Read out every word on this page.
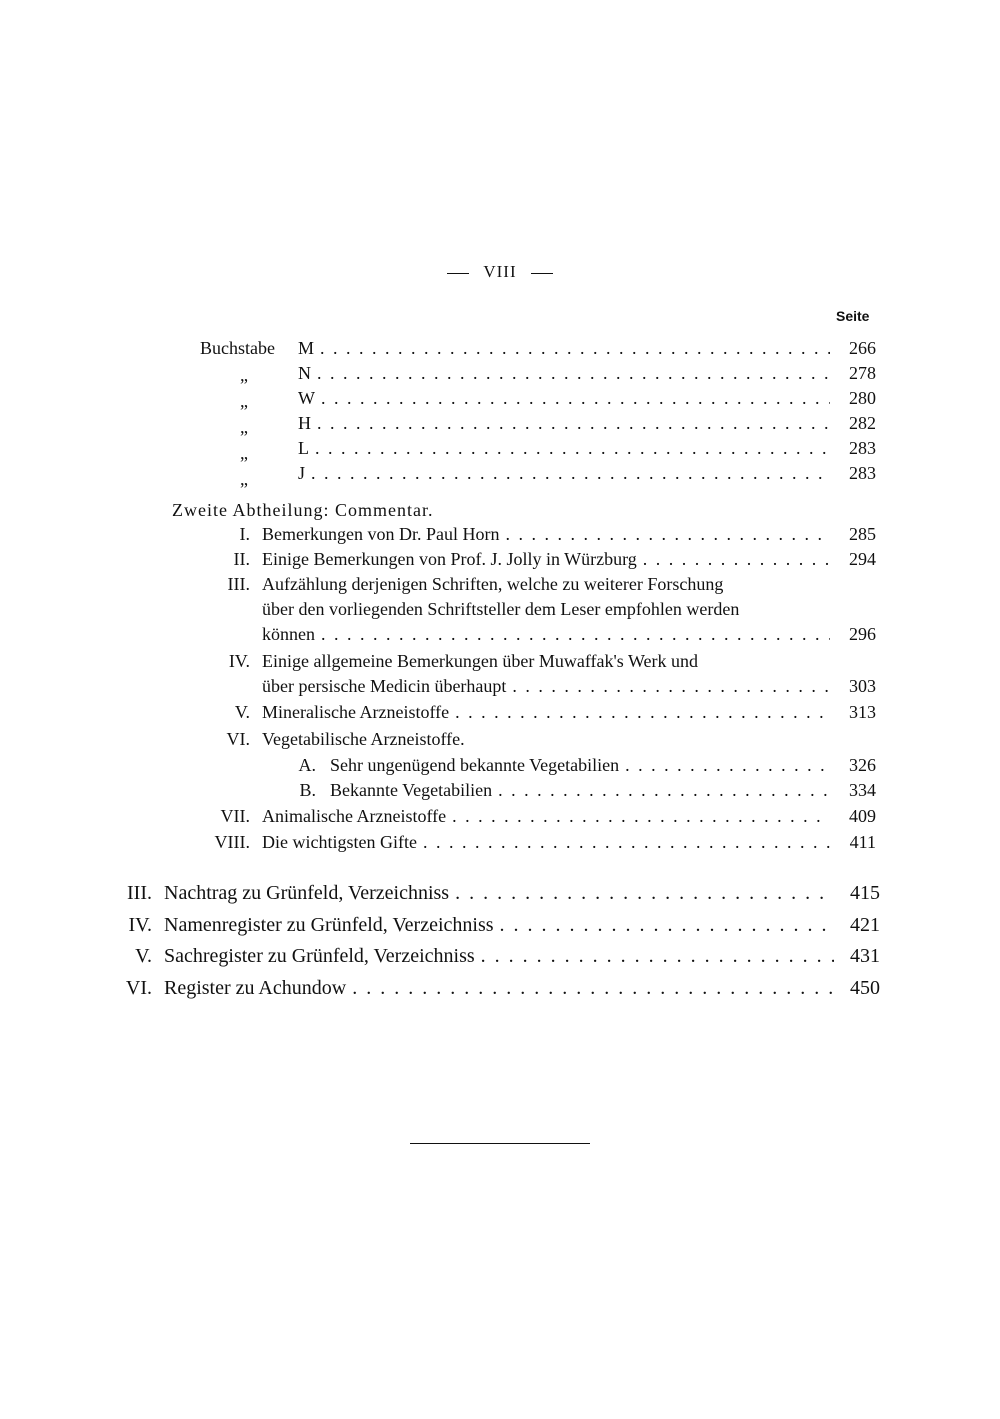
VIII
Seite
Buchstabe M . . .	266
„	N . . .	278
„	W . . .	280
„	H . . .	282
„	L . . .	283
„	J . . .	283
Zweite Abtheilung: Commentar.
I. Bemerkungen von Dr. Paul Horn . . .	285
II. Einige Bemerkungen von Prof. J. Jolly in Würzburg . . .	294
III. Aufzählung derjenigen Schriften, welche zu weiterer Forschung
über den vorliegenden Schriftsteller dem Leser empfohlen werden
können . . .	296
IV. Einige allgemeine Bemerkungen über Muwaffak's Werk und
über persische Medicin überhaupt . . .	303
V. Mineralische Arzneistoffe . . .	313
VI. Vegetabilische Arzneistoffe.
A. Sehr ungenügend bekannte Vegetabilien . . .	326
B. Bekannte Vegetabilien . . .	334
VII. Animalische Arzneistoffe . . .	409
VIII. Die wichtigsten Gifte . . .	411
III. Nachtrag zu Grünfeld, Verzeichniss . . .	415
IV. Namenregister zu Grünfeld, Verzeichniss . . .	421
V. Sachregister zu Grünfeld, Verzeichniss . . .	431
VI. Register zu Achundow . . .	450
